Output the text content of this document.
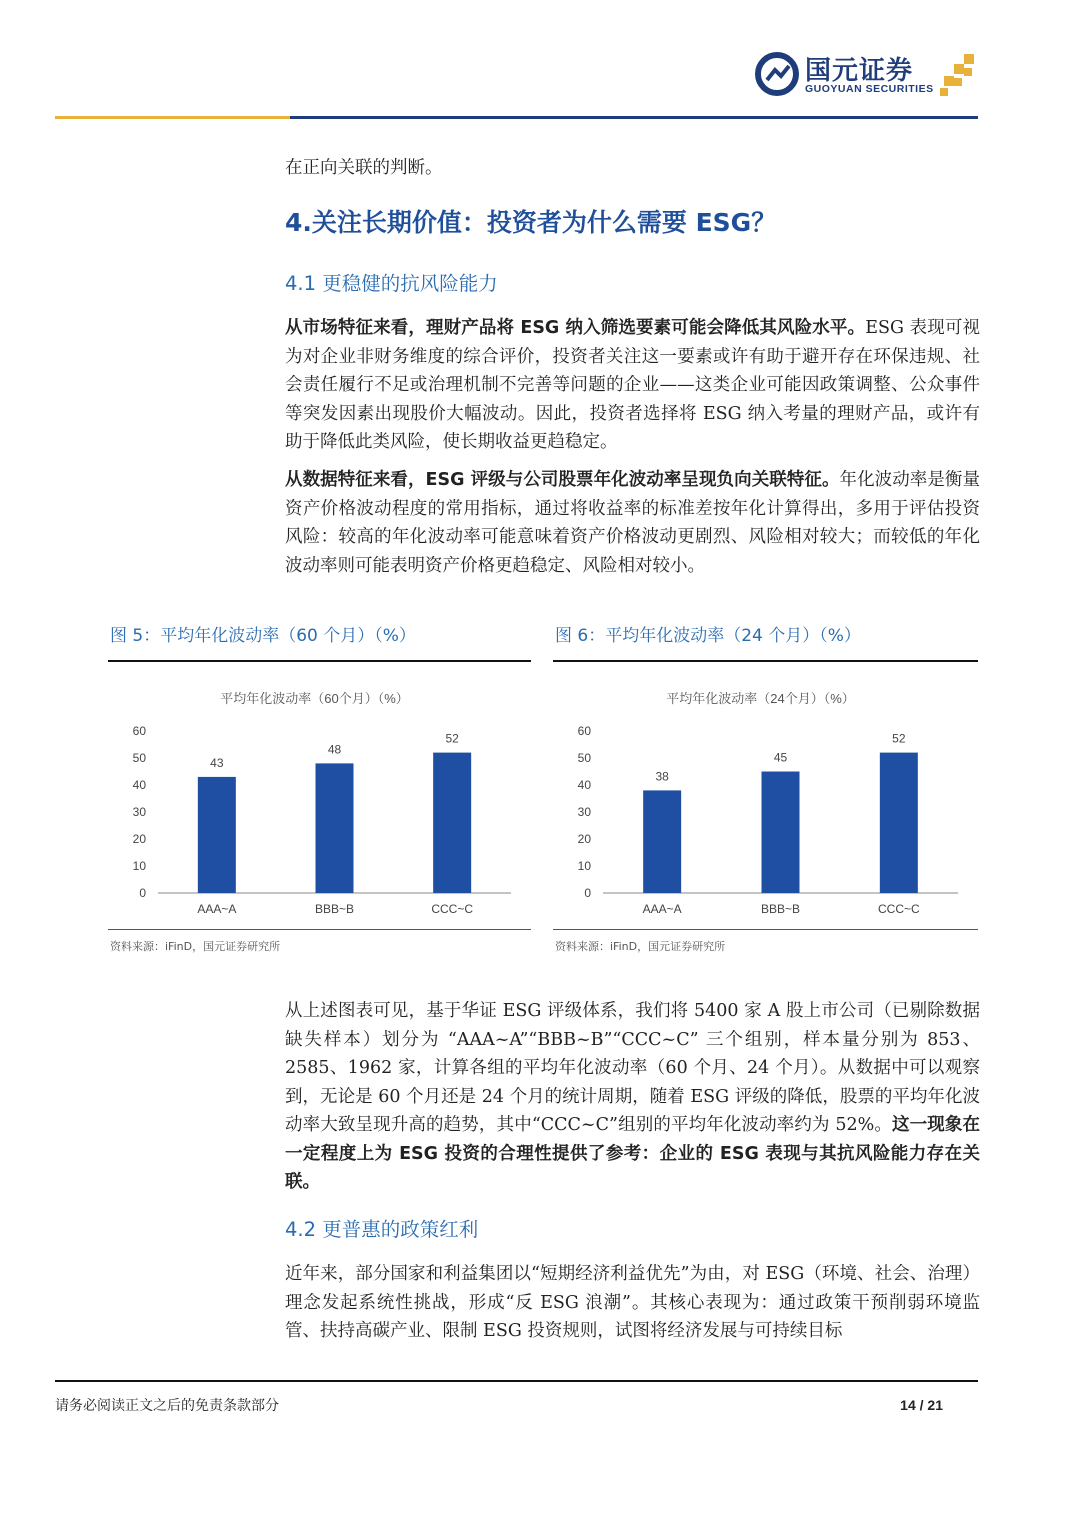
国元证券
GUOYUAN SECURITIES
在正向关联的判断。
4.关注长期价值：投资者为什么需要 ESG？
4.1 更稳健的抗风险能力

从市场特征来看，理财产品将 ESG 纳入筛选要素可能会降低其风险水平。ESG 表现可视为对企业非财务维度的综合评价，投资者关注这一要素或许有助于避开存在环保违规、社会责任履行不足或治理机制不完善等问题的企业——这类企业可能因政策调整、公众事件等突发因素出现股价大幅波动。因此，投资者选择将 ESG 纳入考量的理财产品，或许有助于降低此类风险，使长期收益更趋稳定。

从数据特征来看，ESG 评级与公司股票年化波动率呈现负向关联特征。年化波动率是衡量资产价格波动程度的常用指标，通过将收益率的标准差按年化计算得出，多用于评估投资风险：较高的年化波动率可能意味着资产价格波动更剧烈、风险相对较大；而较低的年化波动率则可能表明资产价格更趋稳定、风险相对较小。

图 5：平均年化波动率（60 个月）（%）	图 6：平均年化波动率（24 个月）（%）
平均年化波动率（60个月）（%）
0
10
20
30
40
50
60
43
AAA~A
48
BBB~B
52
CCC~C
平均年化波动率（24个月）（%）
0
10
20
30
40
50
60
38
AAA~A
45
BBB~B
52
CCC~C
资料来源：iFinD，国元证券研究所	资料来源：iFinD，国元证券研究所

从上述图表可见，基于华证 ESG 评级体系，我们将 5400 家 A 股上市公司（已剔除数据缺失样本）划分为 “AAA~A”“BBB~B”“CCC~C” 三个组别，样本量分别为 853、2585、1962 家，计算各组的平均年化波动率（60 个月、24 个月）。从数据中可以观察到，无论是 60 个月还是 24 个月的统计周期，随着 ESG 评级的降低，股票的平均年化波动率大致呈现升高的趋势，其中“CCC~C”组别的平均年化波动率约为 52%。这一现象在一定程度上为 ESG 投资的合理性提供了参考：企业的 ESG 表现与其抗风险能力存在关联。

4.2 更普惠的政策红利
近年来，部分国家和利益集团以“短期经济利益优先”为由，对 ESG（环境、社会、治理）理念发起系统性挑战，形成“反 ESG 浪潮”。其核心表现为：通过政策干预削弱环境监管、扶持高碳产业、限制 ESG 投资规则，试图将经济发展与可持续目标
请务必阅读正文之后的免责条款部分	14 / 21
